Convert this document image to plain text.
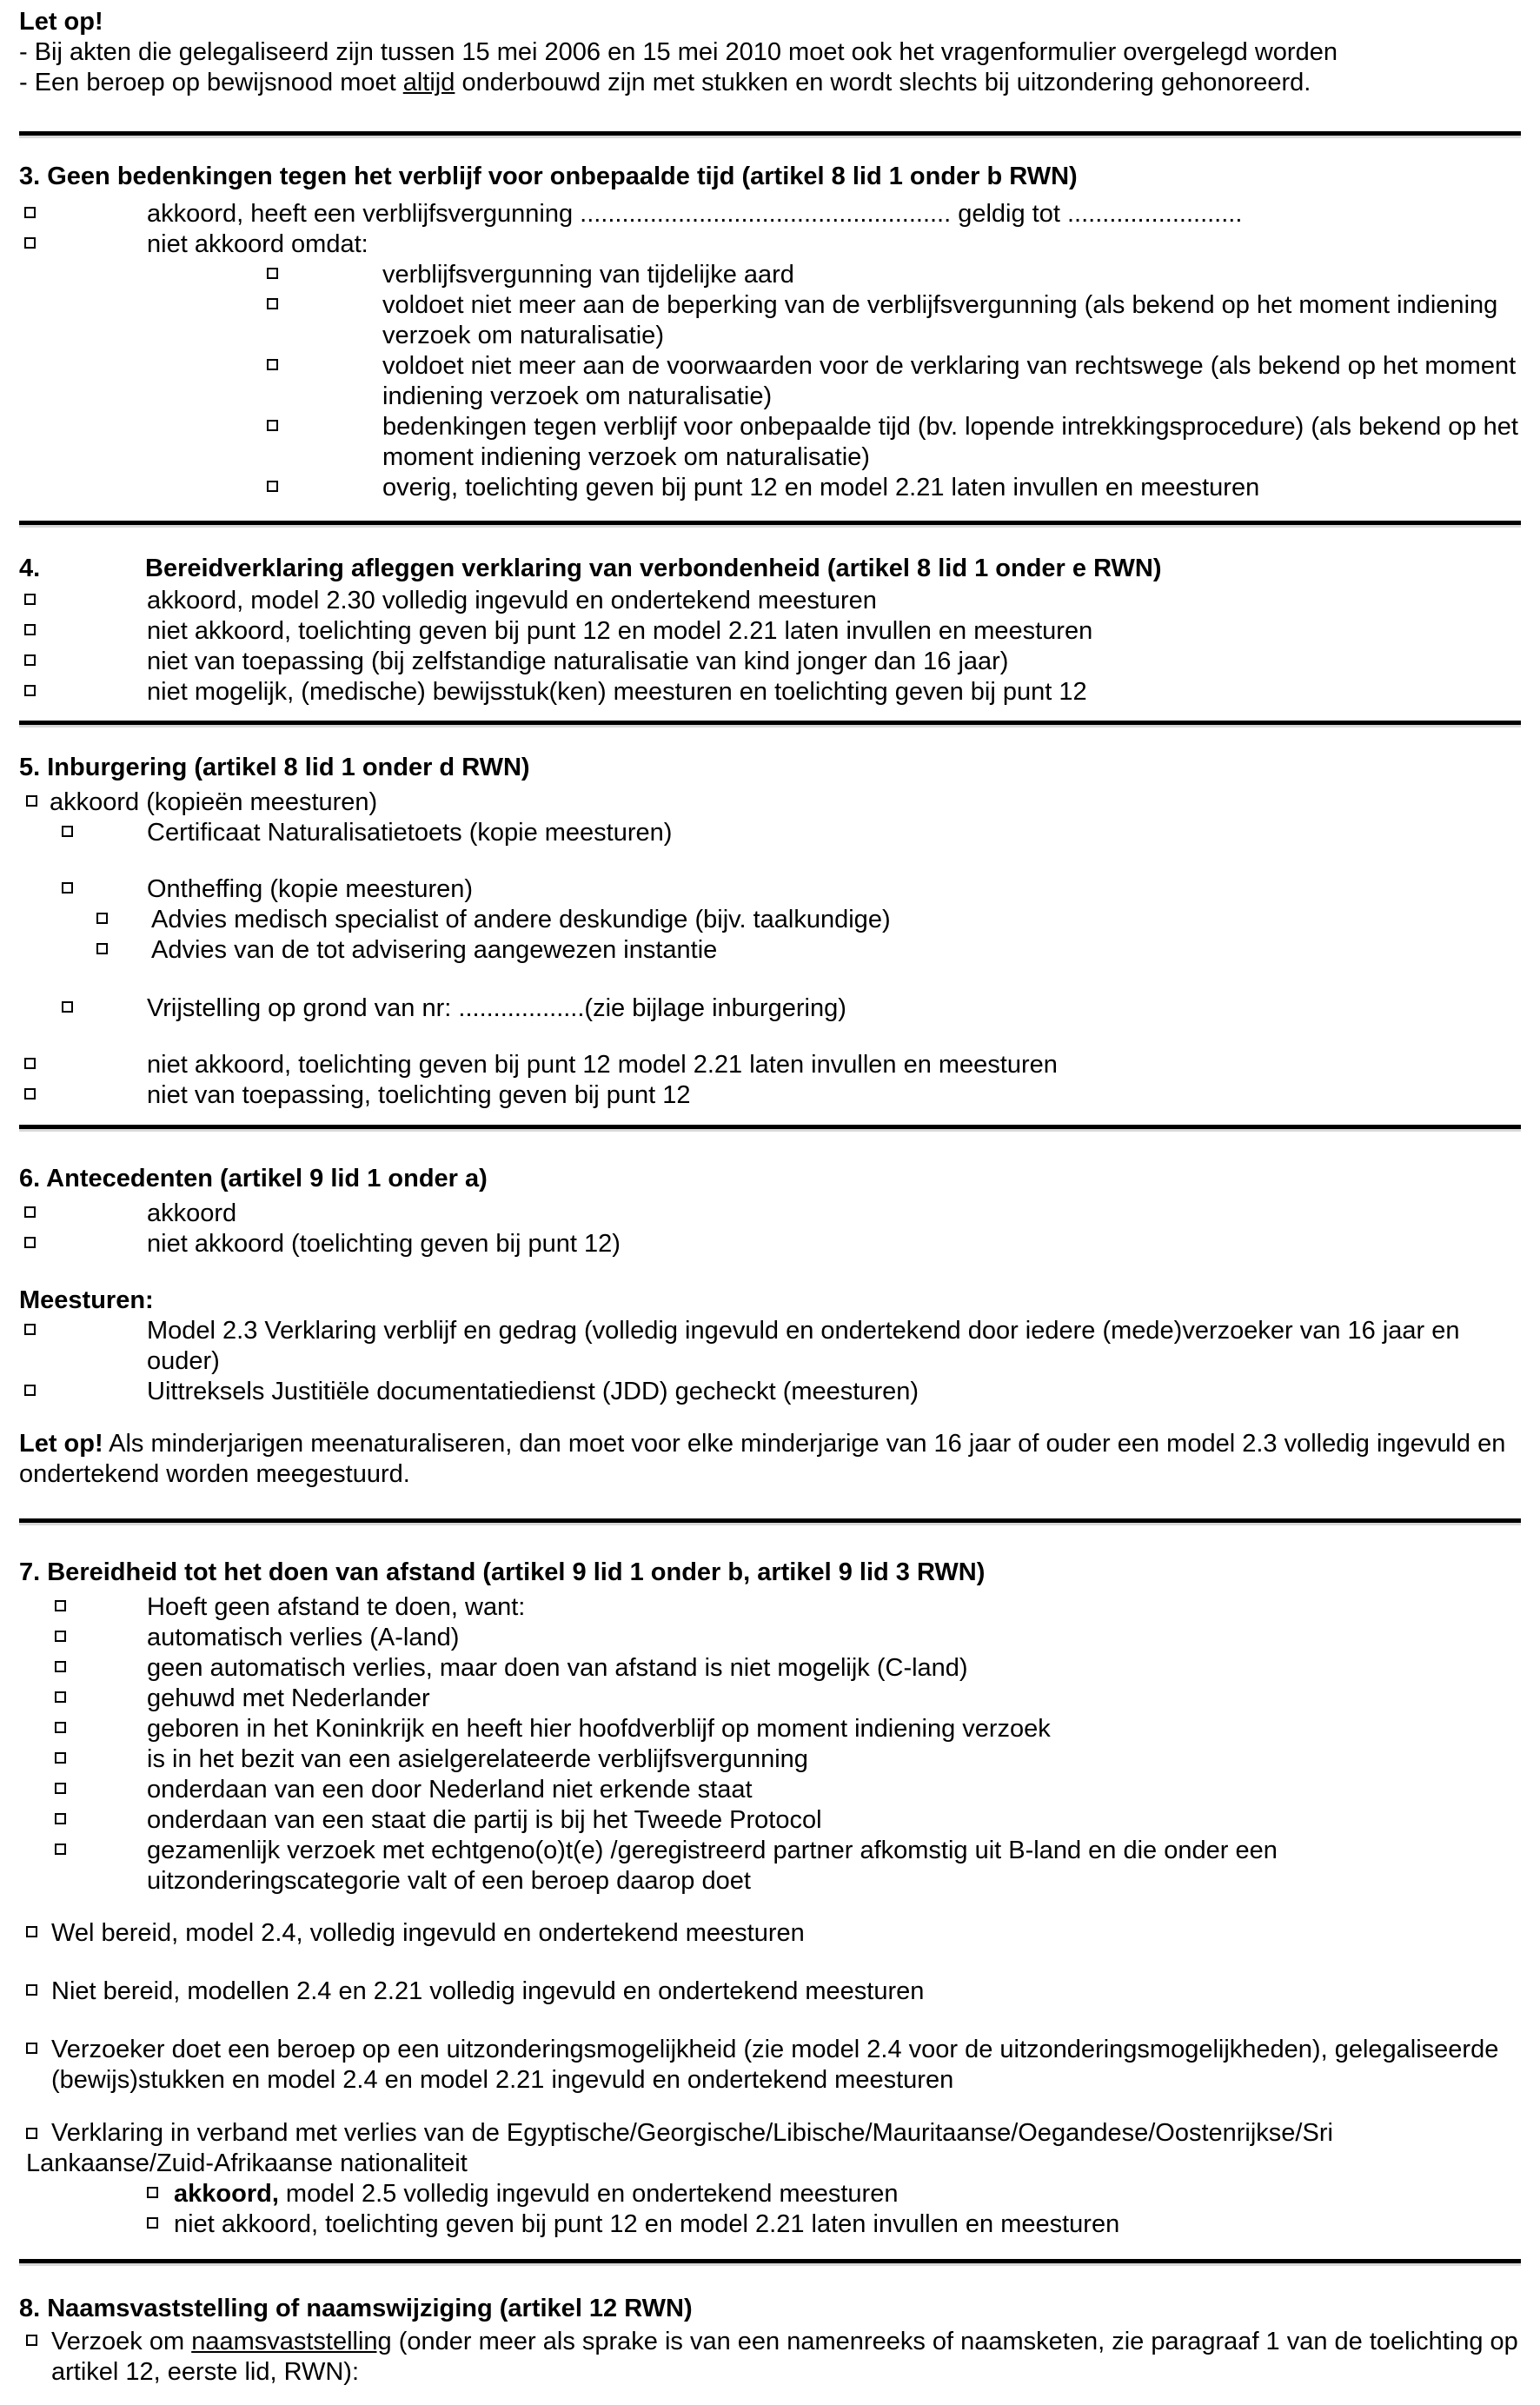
Let op!
- Bij akten die gelegaliseerd zijn tussen 15 mei 2006 en 15 mei 2010 moet ook het vragenformulier overgelegd worden
- Een beroep op bewijsnood moet altijd onderbouwd zijn met stukken en wordt slechts bij uitzondering gehonoreerd.
3. Geen bedenkingen tegen het verblijf voor onbepaalde tijd (artikel 8 lid 1 onder b RWN)
akkoord, heeft een verblijfsvergunning ..................................................... geldig tot .........................
niet akkoord omdat:
verblijfsvergunning van tijdelijke aard
voldoet niet meer aan de beperking van de verblijfsvergunning (als bekend op het moment indiening verzoek om naturalisatie)
voldoet niet meer aan de voorwaarden voor de verklaring van rechtswege (als bekend op het moment indiening verzoek om naturalisatie)
bedenkingen tegen verblijf voor onbepaalde tijd (bv. lopende intrekkingsprocedure) (als bekend op het moment indiening verzoek om naturalisatie)
overig, toelichting geven bij punt 12 en model 2.21 laten invullen en meesturen
4.	Bereidverklaring afleggen verklaring van verbondenheid (artikel 8 lid 1 onder e RWN)
akkoord, model 2.30 volledig ingevuld en ondertekend meesturen
niet akkoord, toelichting geven bij punt 12 en model 2.21 laten invullen en meesturen
niet van toepassing (bij zelfstandige naturalisatie van kind jonger dan 16 jaar)
niet mogelijk, (medische) bewijsstuk(ken) meesturen en toelichting geven bij punt 12
5. Inburgering (artikel 8 lid 1 onder d RWN)
akkoord (kopieën meesturen)
Certificaat Naturalisatietoets (kopie meesturen)
Ontheffing (kopie meesturen)
Advies medisch specialist of andere deskundige (bijv. taalkundige)
Advies van de tot advisering aangewezen instantie
Vrijstelling op grond van nr: ..................(zie bijlage inburgering)
niet akkoord, toelichting geven bij punt 12 model 2.21 laten invullen en meesturen
niet van toepassing, toelichting geven bij punt 12
6. Antecedenten (artikel 9 lid 1 onder a)
akkoord
niet akkoord (toelichting geven bij punt 12)
Meesturen:
Model 2.3 Verklaring verblijf en gedrag (volledig ingevuld en ondertekend door iedere (mede)verzoeker van 16 jaar en ouder)
Uittreksels Justitiële documentatiedienst (JDD) gecheckt (meesturen)
Let op! Als minderjarigen meenaturaliseren, dan moet voor elke minderjarige van 16 jaar of ouder een model 2.3 volledig ingevuld en ondertekend worden meegestuurd.
7. Bereidheid tot het doen van afstand (artikel 9 lid 1 onder b, artikel 9 lid 3 RWN)
Hoeft geen afstand te doen, want:
automatisch verlies (A-land)
geen automatisch verlies, maar doen van afstand is niet mogelijk (C-land)
gehuwd met Nederlander
geboren in het Koninkrijk en heeft hier hoofdverblijf op moment indiening verzoek
is in het bezit van een asielgerelateerde verblijfsvergunning
onderdaan van een door Nederland niet erkende staat
onderdaan van een staat die partij is bij het Tweede Protocol
gezamenlijk verzoek met echtgeno(o)t(e) /geregistreerd partner afkomstig uit B-land en die onder een uitzonderingscategorie valt of een beroep daarop doet
Wel bereid, model 2.4, volledig ingevuld en ondertekend meesturen
Niet bereid, modellen 2.4 en 2.21 volledig ingevuld en ondertekend meesturen
Verzoeker doet een beroep op een uitzonderingsmogelijkheid (zie model 2.4 voor de uitzonderingsmogelijkheden), gelegaliseerde (bewijs)stukken en model 2.4 en model 2.21 ingevuld en ondertekend meesturen
Verklaring in verband met verlies van de Egyptische/Georgische/Libische/Mauritaanse/Oegandese/Oostenrijkse/Sri Lankaanse/Zuid-Afrikaanse nationaliteit
akkoord, model 2.5 volledig ingevuld en ondertekend meesturen
niet akkoord, toelichting geven bij punt 12 en model 2.21 laten invullen en meesturen
8. Naamsvaststelling of naamswijziging (artikel 12 RWN)
Verzoek om naamsvaststelling (onder meer als sprake is van een namenreeks of naamsketen, zie paragraaf 1 van de toelichting op artikel 12, eerste lid, RWN):
